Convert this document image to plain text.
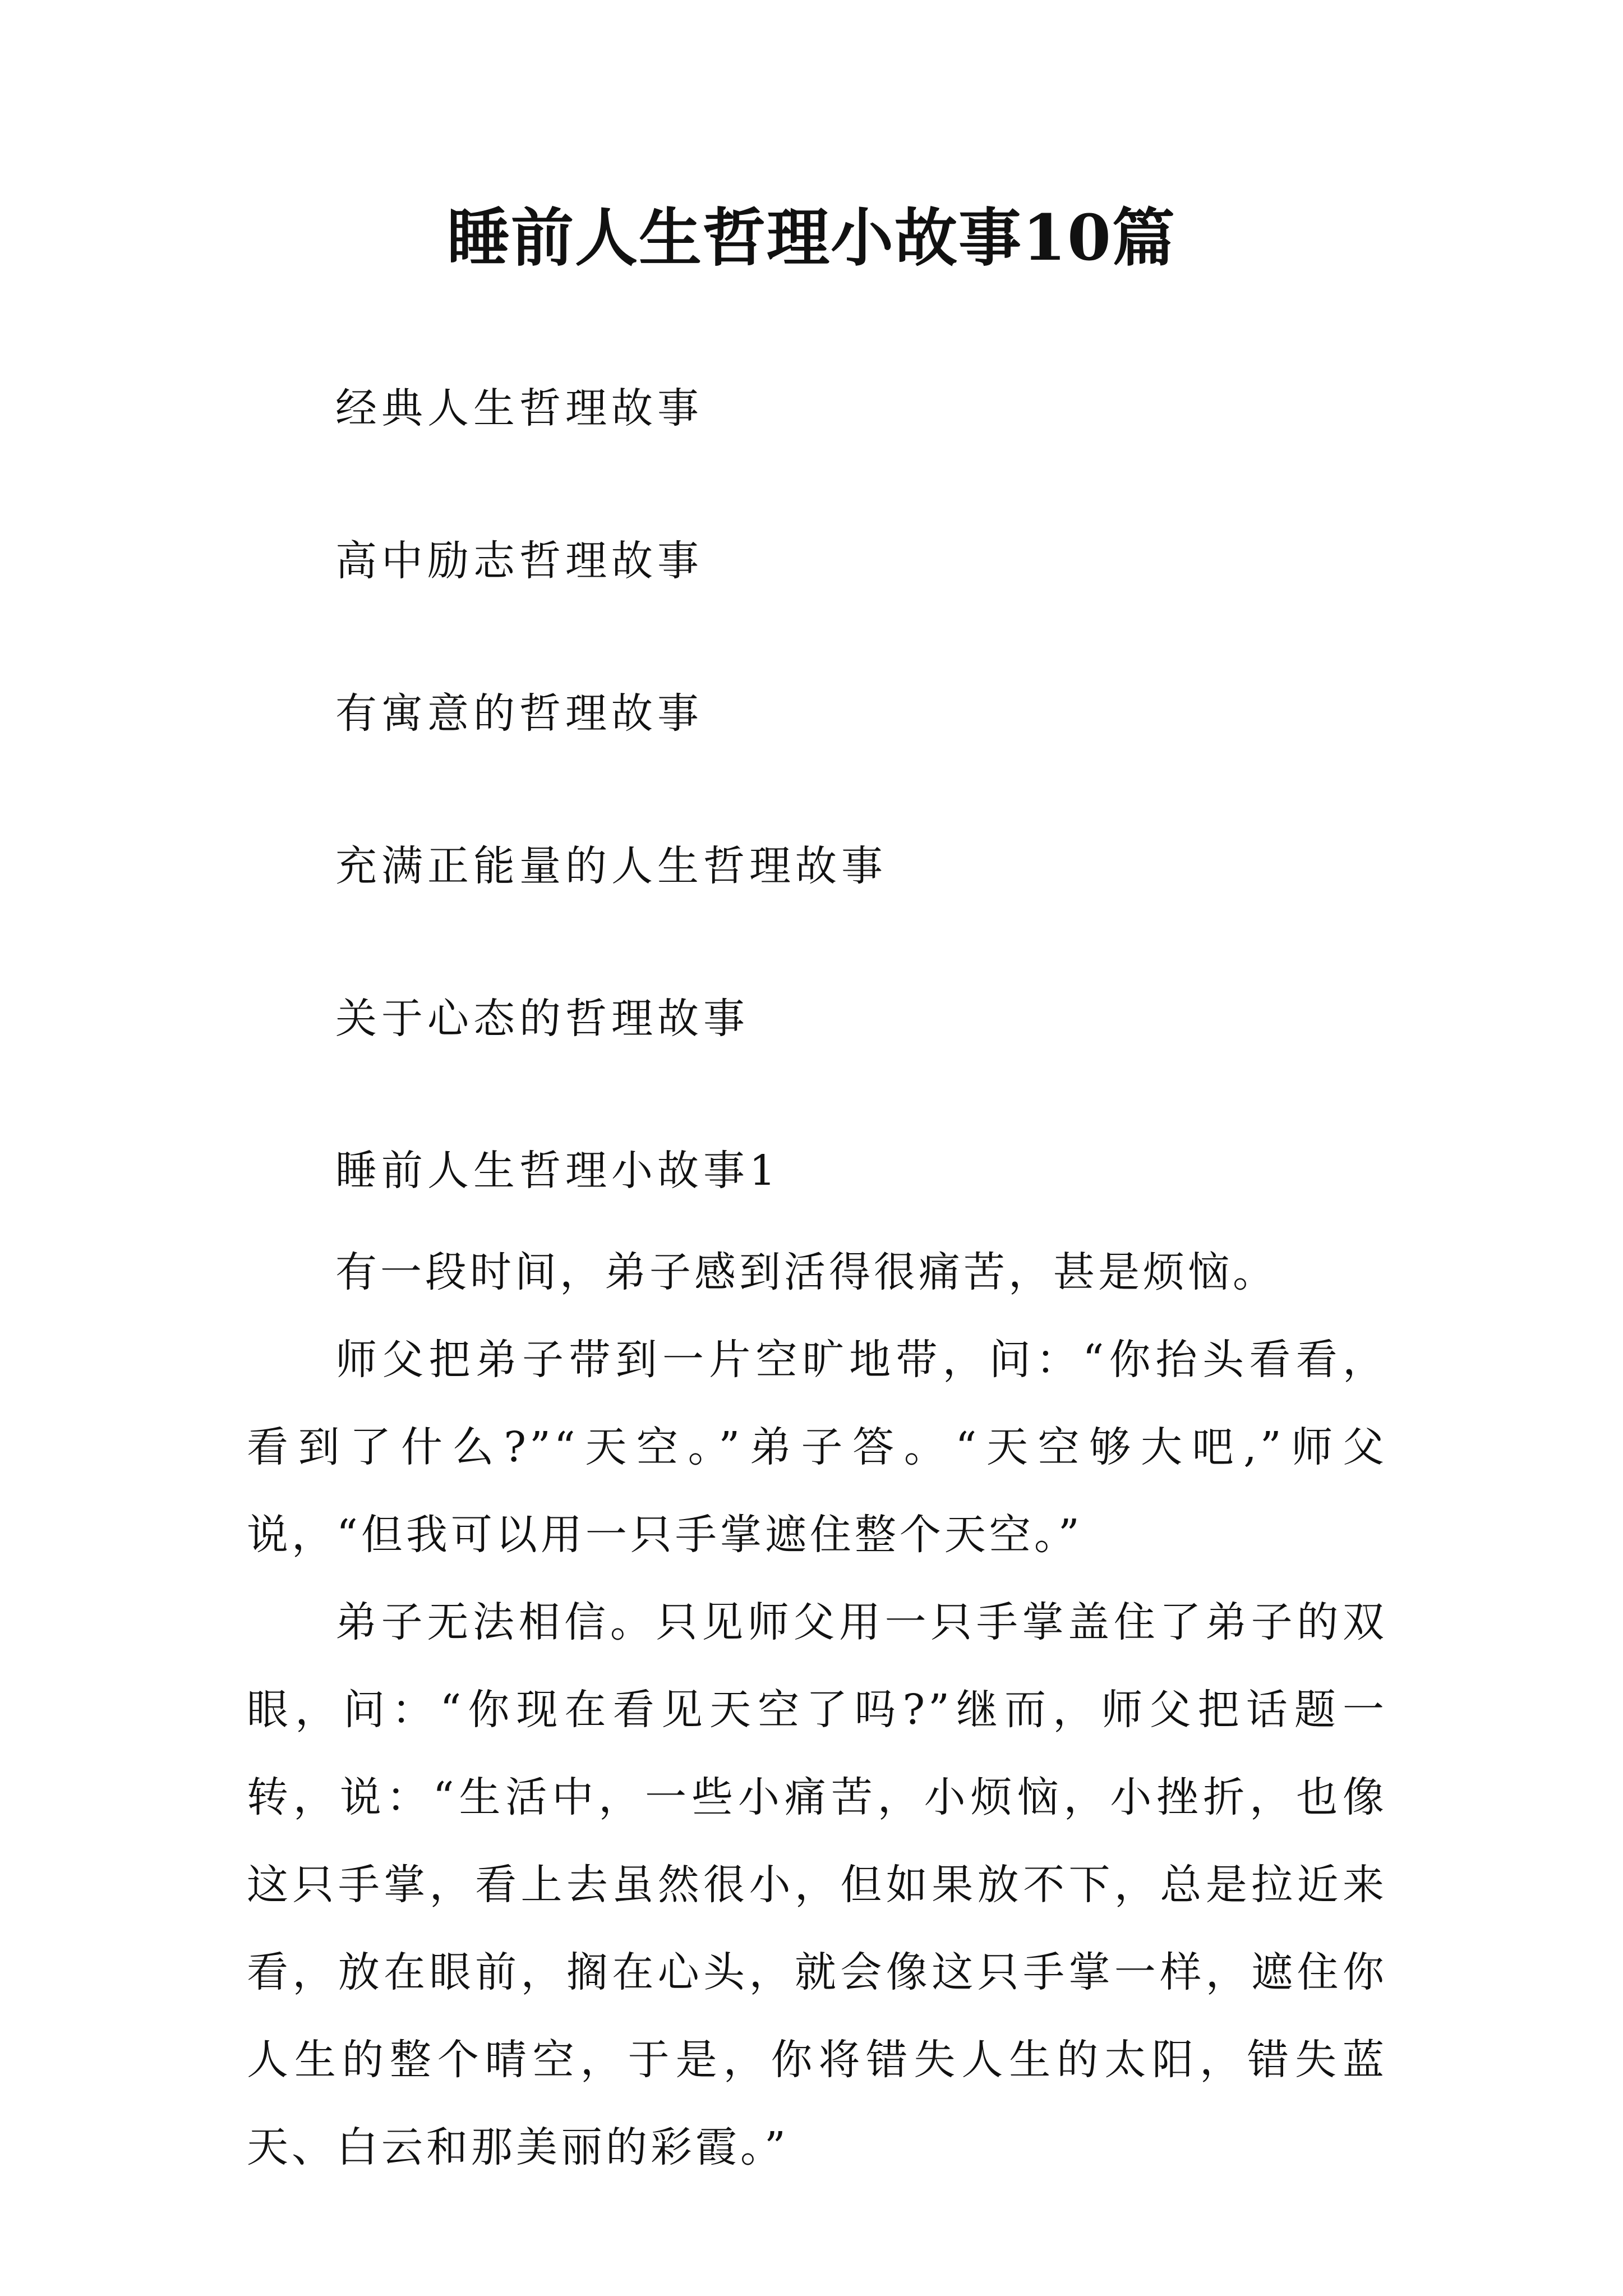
睡前人生哲理小故事10篇
经典人生哲理故事
高中励志哲理故事
有寓意的哲理故事
充满正能量的人生哲理故事
关于心态的哲理故事
睡前人生哲理小故事1

有一段时间，弟子感到活得很痛苦，甚是烦恼。

师父把弟子带到一片空旷地带，问：“你抬头看看，看到了什么?”“天空。”弟子答。“天空够大吧,”师父说，“但我可以用一只手掌遮住整个天空。”

弟子无法相信。只见师父用一只手掌盖住了弟子的双眼，问：“你现在看见天空了吗?”继而，师父把话题一转，说：“生活中，一些小痛苦，小烦恼，小挫折，也像这只手掌，看上去虽然很小，但如果放不下，总是拉近来看，放在眼前，搁在心头，就会像这只手掌一样，遮住你人生的整个晴空，于是，你将错失人生的太阳，错失蓝天、白云和那美丽的彩霞。”
